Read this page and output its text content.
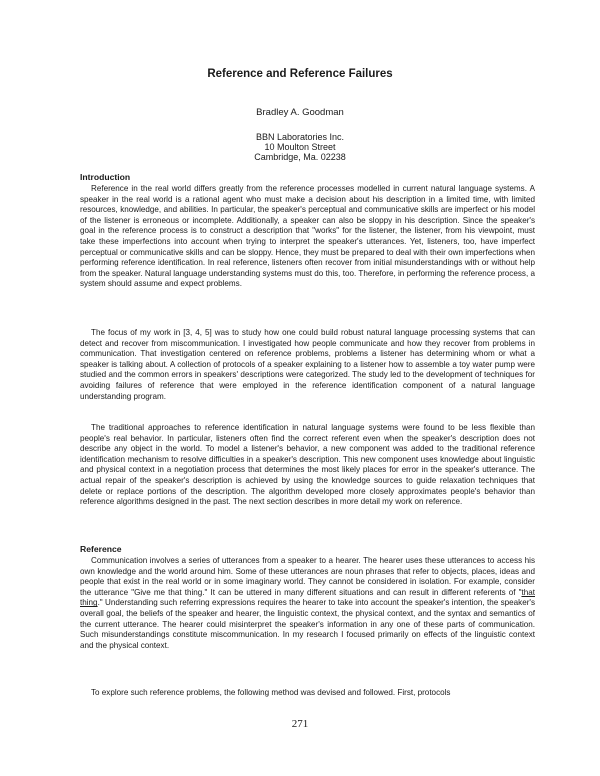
Reference and Reference Failures
Bradley A. Goodman
BBN Laboratories Inc.
10 Moulton Street
Cambridge, Ma. 02238
Introduction

Reference in the real world differs greatly from the reference processes modelled in current natural language systems. A speaker in the real world is a rational agent who must make a decision about his description in a limited time, with limited resources, knowledge, and abilities. In particular, the speaker's perceptual and communicative skills are imperfect or his model of the listener is erroneous or incomplete. Additionally, a speaker can also be sloppy in his description. Since the speaker's goal in the reference process is to construct a description that "works" for the listener, the listener, from his viewpoint, must take these imperfections into account when trying to interpret the speaker's utterances. Yet, listeners, too, have imperfect perceptual or communicative skills and can be sloppy. Hence, they must be prepared to deal with their own imperfections when performing reference identification. In real reference, listeners often recover from initial misunderstandings with or without help from the speaker. Natural language understanding systems must do this, too. Therefore, in performing the reference process, a system should assume and expect problems.

The focus of my work in [3, 4, 5] was to study how one could build robust natural language processing systems that can detect and recover from miscommunication. I investigated how people communicate and how they recover from problems in communication. That investigation centered on reference problems, problems a listener has determining whom or what a speaker is talking about. A collection of protocols of a speaker explaining to a listener how to assemble a toy water pump were studied and the common errors in speakers' descriptions were categorized. The study led to the development of techniques for avoiding failures of reference that were employed in the reference identification component of a natural language understanding program.

The traditional approaches to reference identification in natural language systems were found to be less flexible than people's real behavior. In particular, listeners often find the correct referent even when the speaker's description does not describe any object in the world. To model a listener's behavior, a new component was added to the traditional reference identification mechanism to resolve difficulties in a speaker's description. This new component uses knowledge about linguistic and physical context in a negotiation process that determines the most likely places for error in the speaker's utterance. The actual repair of the speaker's description is achieved by using the knowledge sources to guide relaxation techniques that delete or replace portions of the description. The algorithm developed more closely approximates people's behavior than reference algorithms designed in the past. The next section describes in more detail my work on reference.

Reference

Communication involves a series of utterances from a speaker to a hearer. The hearer uses these utterances to access his own knowledge and the world around him. Some of these utterances are noun phrases that refer to objects, places, ideas and people that exist in the real world or in some imaginary world. They cannot be considered in isolation. For example, consider the utterance "Give me that thing." It can be uttered in many different situations and can result in different referents of "that thing." Understanding such referring expressions requires the hearer to take into account the speaker's intention, the speaker's overall goal, the beliefs of the speaker and hearer, the linguistic context, the physical context, and the syntax and semantics of the current utterance. The hearer could misinterpret the speaker's information in any one of these parts of communication. Such misunderstandings constitute miscommunication. In my research I focused primarily on effects of the linguistic context and the physical context.

To explore such reference problems, the following method was devised and followed. First, protocols

271
